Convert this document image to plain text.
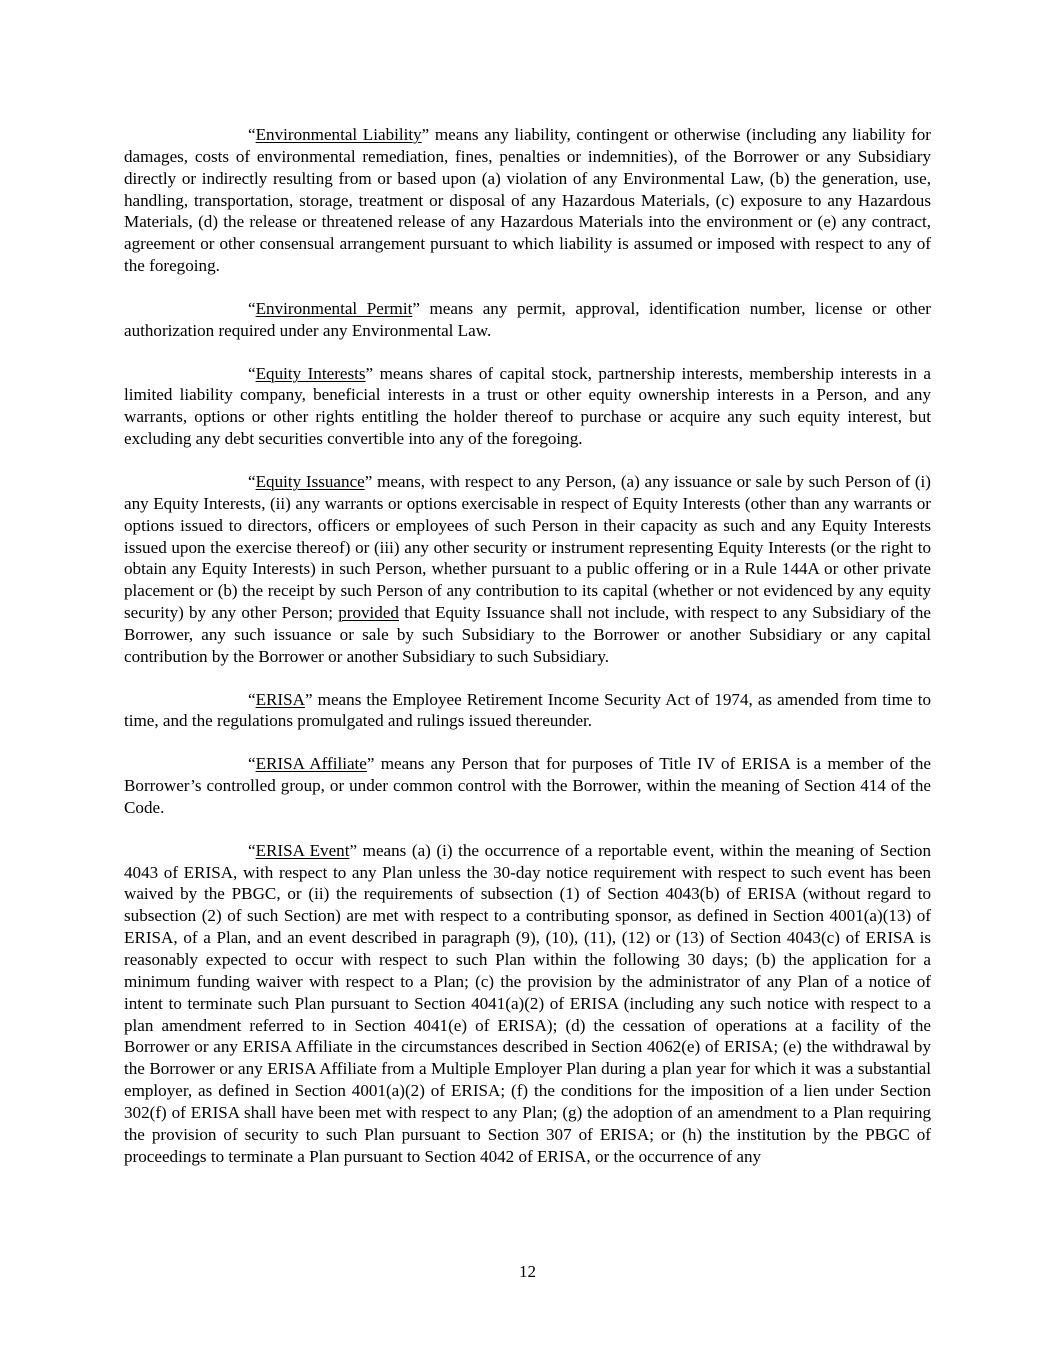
“Environmental Liability” means any liability, contingent or otherwise (including any liability for damages, costs of environmental remediation, fines, penalties or indemnities), of the Borrower or any Subsidiary directly or indirectly resulting from or based upon (a) violation of any Environmental Law, (b) the generation, use, handling, transportation, storage, treatment or disposal of any Hazardous Materials, (c) exposure to any Hazardous Materials, (d) the release or threatened release of any Hazardous Materials into the environment or (e) any contract, agreement or other consensual arrangement pursuant to which liability is assumed or imposed with respect to any of the foregoing.

“Environmental Permit” means any permit, approval, identification number, license or other authorization required under any Environmental Law.

“Equity Interests” means shares of capital stock, partnership interests, membership interests in a limited liability company, beneficial interests in a trust or other equity ownership interests in a Person, and any warrants, options or other rights entitling the holder thereof to purchase or acquire any such equity interest, but excluding any debt securities convertible into any of the foregoing.

“Equity Issuance” means, with respect to any Person, (a) any issuance or sale by such Person of (i) any Equity Interests, (ii) any warrants or options exercisable in respect of Equity Interests (other than any warrants or options issued to directors, officers or employees of such Person in their capacity as such and any Equity Interests issued upon the exercise thereof) or (iii) any other security or instrument representing Equity Interests (or the right to obtain any Equity Interests) in such Person, whether pursuant to a public offering or in a Rule 144A or other private placement or (b) the receipt by such Person of any contribution to its capital (whether or not evidenced by any equity security) by any other Person; provided that Equity Issuance shall not include, with respect to any Subsidiary of the Borrower, any such issuance or sale by such Subsidiary to the Borrower or another Subsidiary or any capital contribution by the Borrower or another Subsidiary to such Subsidiary.

“ERISA” means the Employee Retirement Income Security Act of 1974, as amended from time to time, and the regulations promulgated and rulings issued thereunder.

“ERISA Affiliate” means any Person that for purposes of Title IV of ERISA is a member of the Borrower’s controlled group, or under common control with the Borrower, within the meaning of Section 414 of the Code.

“ERISA Event” means (a) (i) the occurrence of a reportable event, within the meaning of Section 4043 of ERISA, with respect to any Plan unless the 30-day notice requirement with respect to such event has been waived by the PBGC, or (ii) the requirements of subsection (1) of Section 4043(b) of ERISA (without regard to subsection (2) of such Section) are met with respect to a contributing sponsor, as defined in Section 4001(a)(13) of ERISA, of a Plan, and an event described in paragraph (9), (10), (11), (12) or (13) of Section 4043(c) of ERISA is reasonably expected to occur with respect to such Plan within the following 30 days; (b) the application for a minimum funding waiver with respect to a Plan; (c) the provision by the administrator of any Plan of a notice of intent to terminate such Plan pursuant to Section 4041(a)(2) of ERISA (including any such notice with respect to a plan amendment referred to in Section 4041(e) of ERISA); (d) the cessation of operations at a facility of the Borrower or any ERISA Affiliate in the circumstances described in Section 4062(e) of ERISA; (e) the withdrawal by the Borrower or any ERISA Affiliate from a Multiple Employer Plan during a plan year for which it was a substantial employer, as defined in Section 4001(a)(2) of ERISA; (f) the conditions for the imposition of a lien under Section 302(f) of ERISA shall have been met with respect to any Plan; (g) the adoption of an amendment to a Plan requiring the provision of security to such Plan pursuant to Section 307 of ERISA; or (h) the institution by the PBGC of proceedings to terminate a Plan pursuant to Section 4042 of ERISA, or the occurrence of any

12
